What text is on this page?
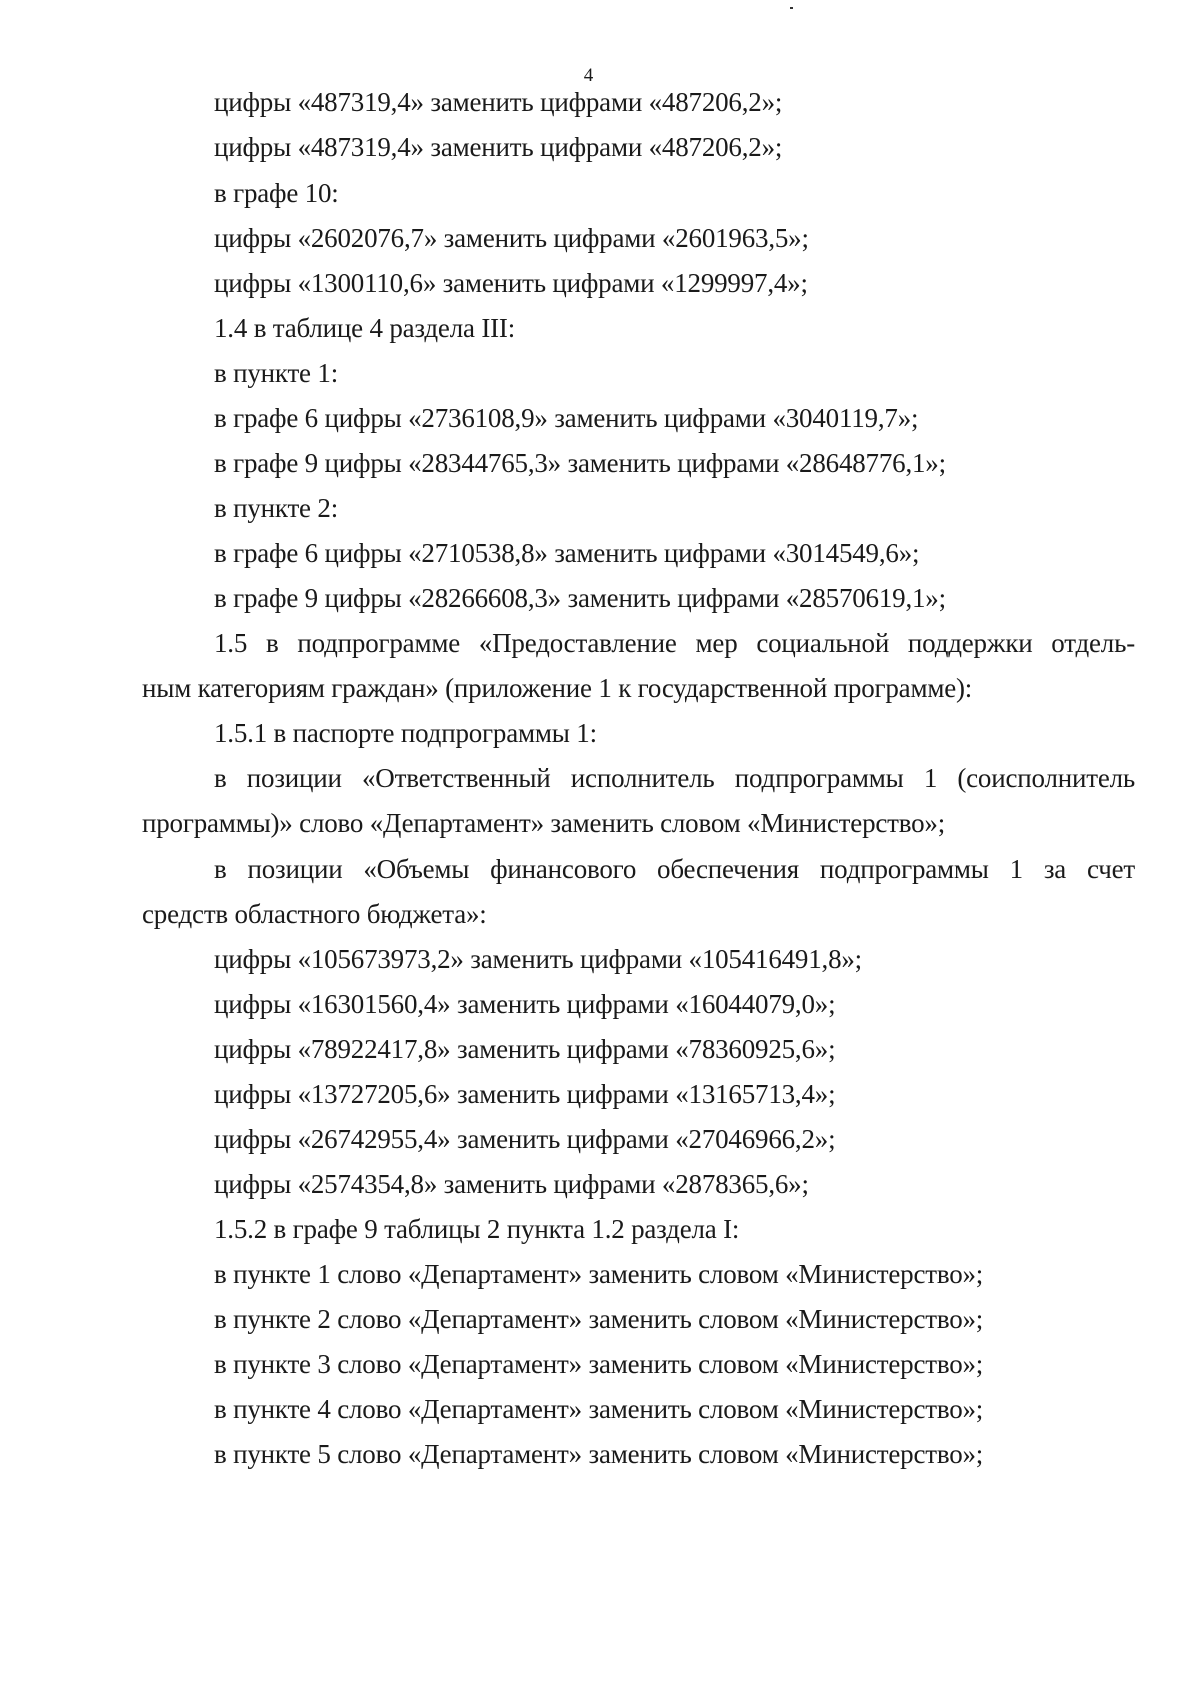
4
цифры «487319,4» заменить цифрами «487206,2»;
цифры «487319,4» заменить цифрами «487206,2»;
в графе 10:
цифры «2602076,7» заменить цифрами «2601963,5»;
цифры «1300110,6» заменить цифрами «1299997,4»;
1.4 в таблице 4 раздела III:
в пункте 1:
в графе 6 цифры «2736108,9» заменить цифрами «3040119,7»;
в графе 9 цифры «28344765,3» заменить цифрами «28648776,1»;
в пункте 2:
в графе 6 цифры «2710538,8» заменить цифрами «3014549,6»;
в графе 9 цифры «28266608,3» заменить цифрами «28570619,1»;
1.5 в подпрограмме «Предоставление мер социальной поддержки отдель-
ным категориям граждан» (приложение 1 к государственной программе):
1.5.1 в паспорте подпрограммы 1:
в позиции «Ответственный исполнитель подпрограммы 1 (соисполнитель
программы)» слово «Департамент» заменить словом «Министерство»;
в позиции «Объемы финансового обеспечения подпрограммы 1 за счет
средств областного бюджета»:
цифры «105673973,2» заменить цифрами «105416491,8»;
цифры «16301560,4» заменить цифрами «16044079,0»;
цифры «78922417,8» заменить цифрами «78360925,6»;
цифры «13727205,6» заменить цифрами «13165713,4»;
цифры «26742955,4» заменить цифрами «27046966,2»;
цифры «2574354,8» заменить цифрами «2878365,6»;
1.5.2 в графе 9 таблицы 2 пункта 1.2 раздела I:
в пункте 1 слово «Департамент» заменить словом «Министерство»;
в пункте 2 слово «Департамент» заменить словом «Министерство»;
в пункте 3 слово «Департамент» заменить словом «Министерство»;
в пункте 4 слово «Департамент» заменить словом «Министерство»;
в пункте 5 слово «Департамент» заменить словом «Министерство»;
